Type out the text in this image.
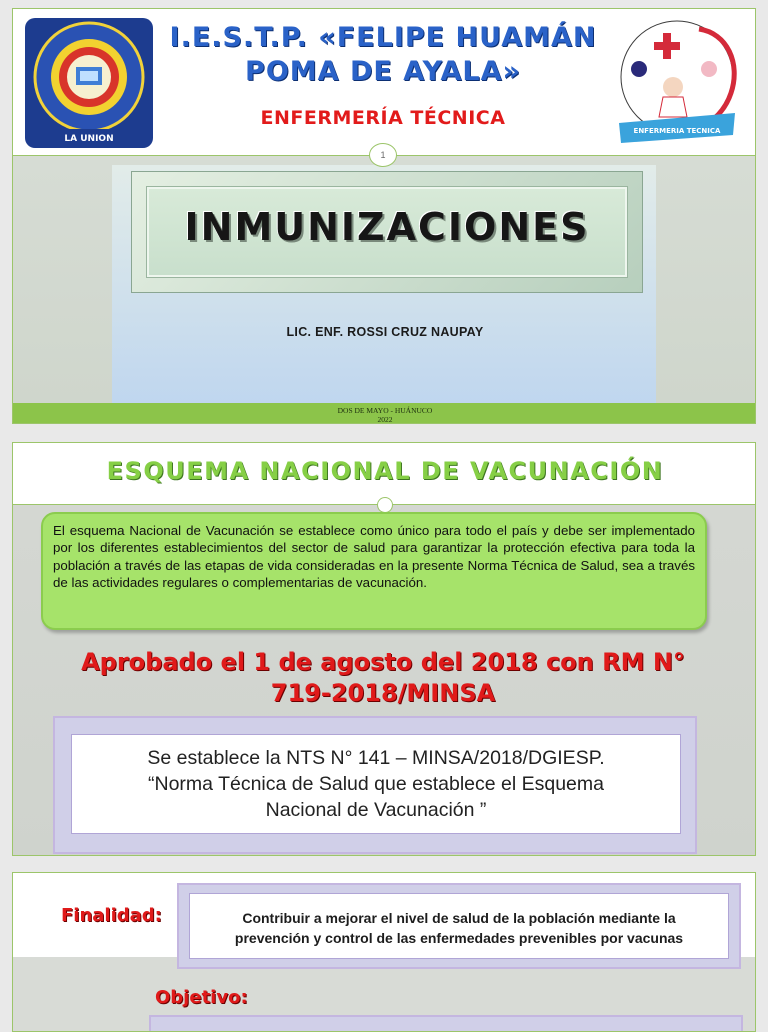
LA UNION
ENFERMERIA TECNICA
I.E.S.T.P. «FELIPE HUAMÁN
POMA DE AYALA»
ENFERMERÍA TÉCNICA
1
INMUNIZACIONES
LIC. ENF. ROSSI CRUZ NAUPAY
DOS DE MAYO - HUÁNUCO
2022
ESQUEMA NACIONAL DE VACUNACIÓN
El esquema Nacional de Vacunación se establece como único para todo el país y debe ser implementado por los diferentes establecimientos del sector de salud para garantizar la protección efectiva para toda la población a través de las etapas de vida consideradas en la presente Norma Técnica de Salud, sea a través de las actividades regulares o complementarias de vacunación.
Aprobado el 1 de agosto del 2018 con RM N°
719-2018/MINSA
Se establece la NTS N° 141 – MINSA/2018/DGIESP.
“Norma Técnica de Salud que establece el Esquema
Nacional de Vacunación ”
Finalidad:	Contribuir a mejorar el nivel de salud de la población mediante la
prevención y control de las enfermedades prevenibles por vacunas
Objetivo:
